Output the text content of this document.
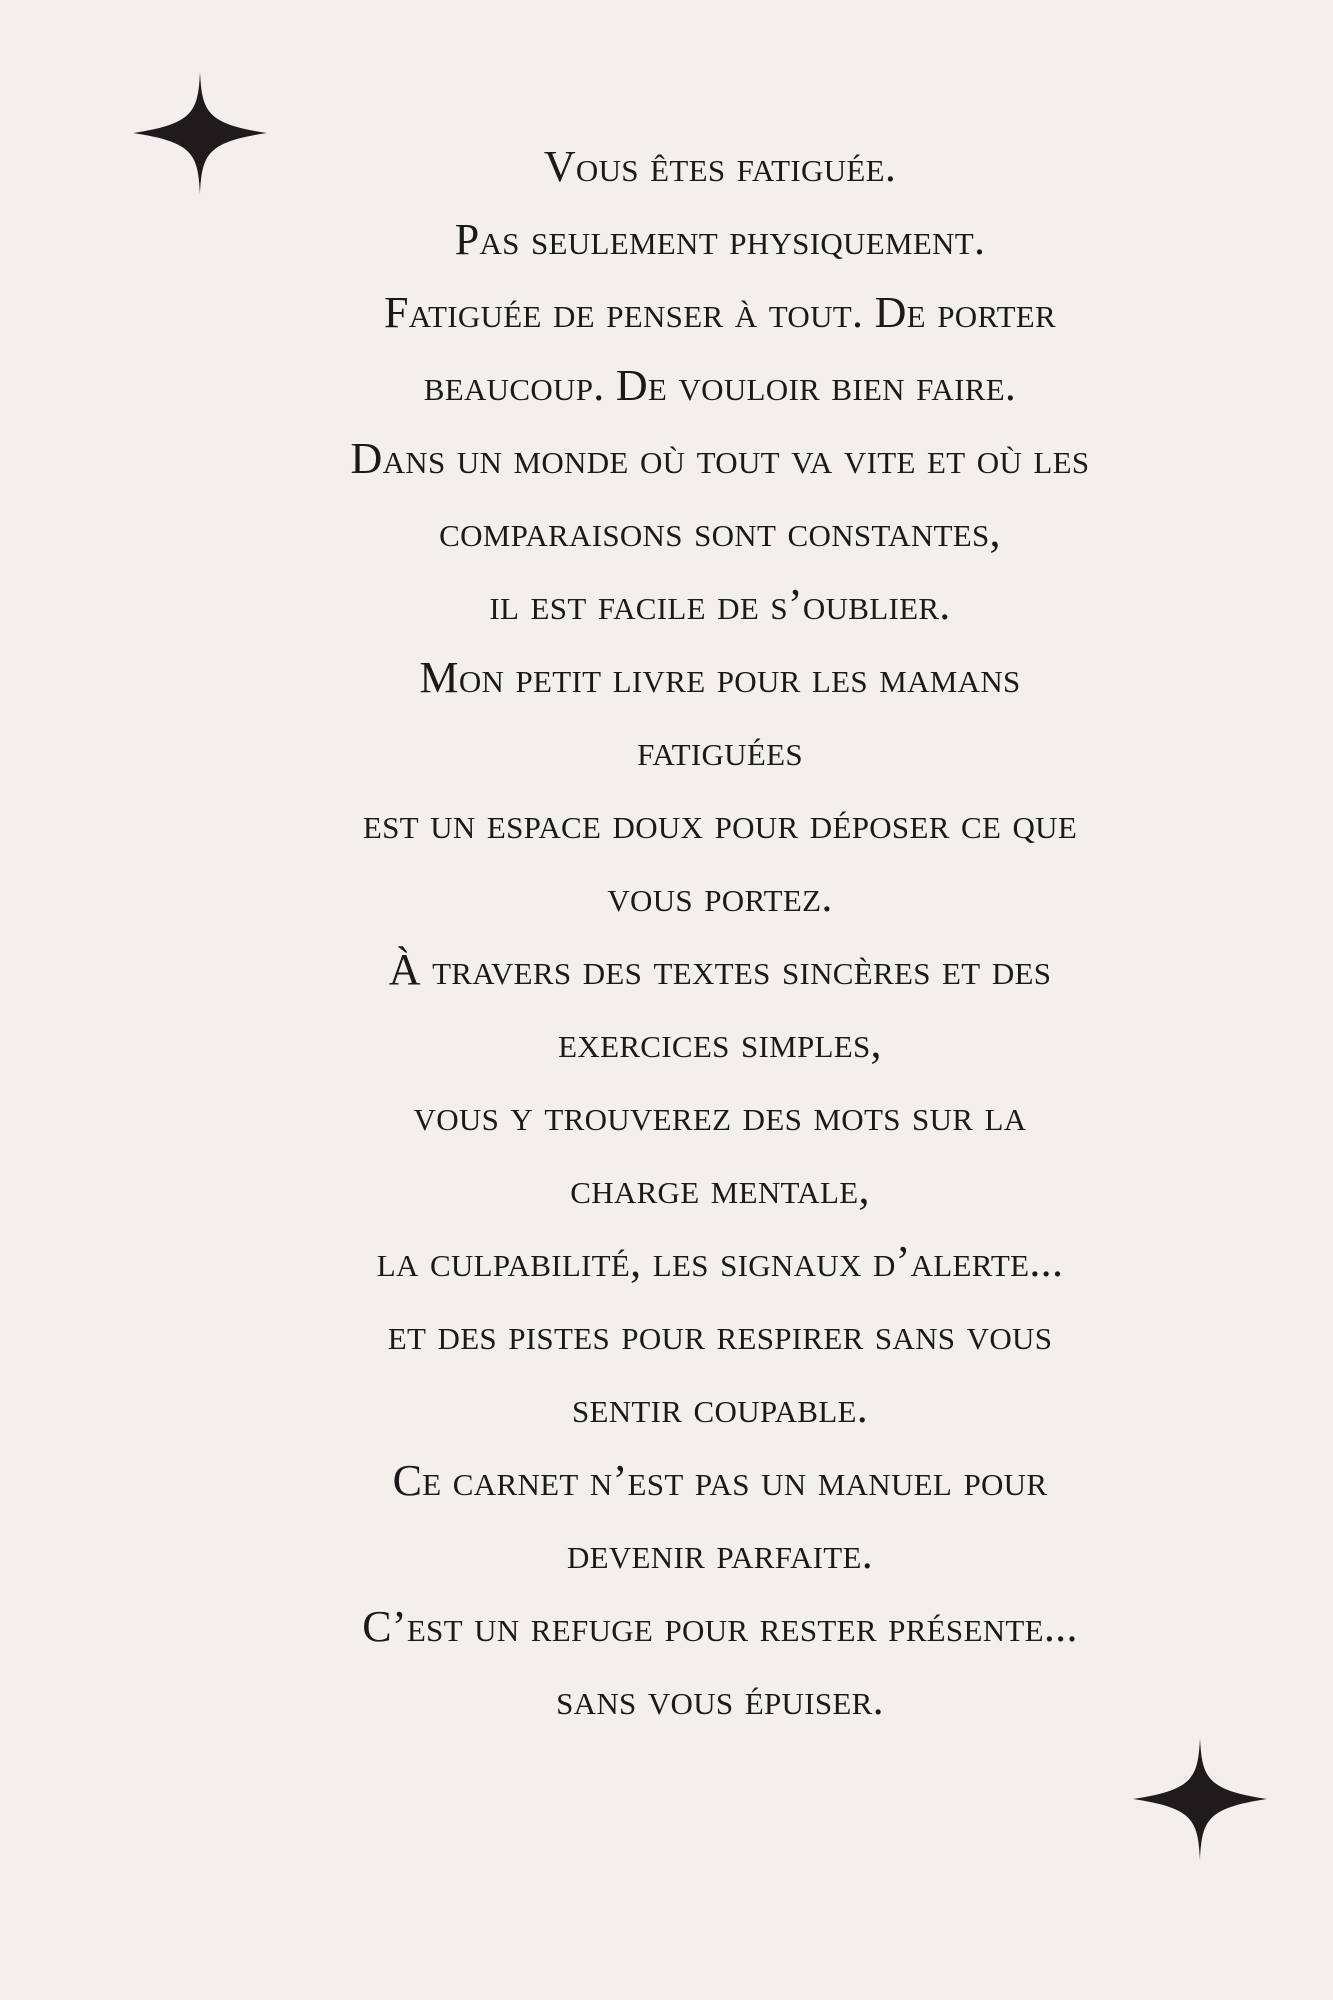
Vous êtes fatiguée.
Pas seulement physiquement.
Fatiguée de penser à tout. De porter
beaucoup. De vouloir bien faire.
Dans un monde où tout va vite et où les
comparaisons sont constantes,
il est facile de s’oublier.
Mon petit livre pour les mamans
fatiguées
est un espace doux pour déposer ce que
vous portez.
À travers des textes sincères et des
exercices simples,
vous y trouverez des mots sur la
charge mentale,
la culpabilité, les signaux d’alerte...
et des pistes pour respirer sans vous
sentir coupable.
Ce carnet n’est pas un manuel pour
devenir parfaite.
C’est un refuge pour rester présente...
sans vous épuiser.
